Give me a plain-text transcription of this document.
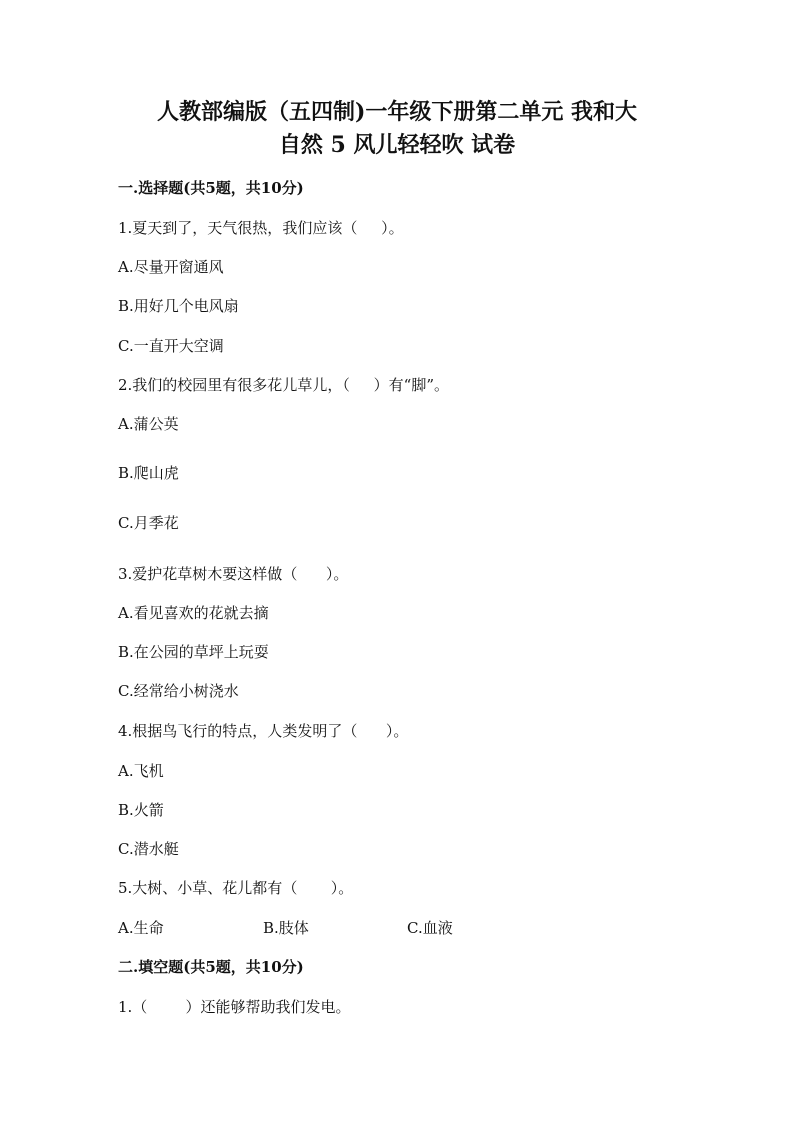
人教部编版（五四制)一年级下册第二单元 我和大
自然 5 风儿轻轻吹 试卷
一.选择题(共5题，共10分)
1.夏天到了，天气很热，我们应该（     ）。
A.尽量开窗通风
B.用好几个电风扇
C.一直开大空调
2.我们的校园里有很多花儿草儿，（     ）有“脚”。
A.蒲公英
B.爬山虎
C.月季花
3.爱护花草树木要这样做（      ）。
A.看见喜欢的花就去摘
B.在公园的草坪上玩耍
C.经常给小树浇水
4.根据鸟飞行的特点，人类发明了（      ）。
A.飞机
B.火箭
C.潜水艇
5.大树、小草、花儿都有（       ）。
A.生命	B.肢体	C.血液
二.填空题(共5题，共10分)
1.（        ）还能够帮助我们发电。
